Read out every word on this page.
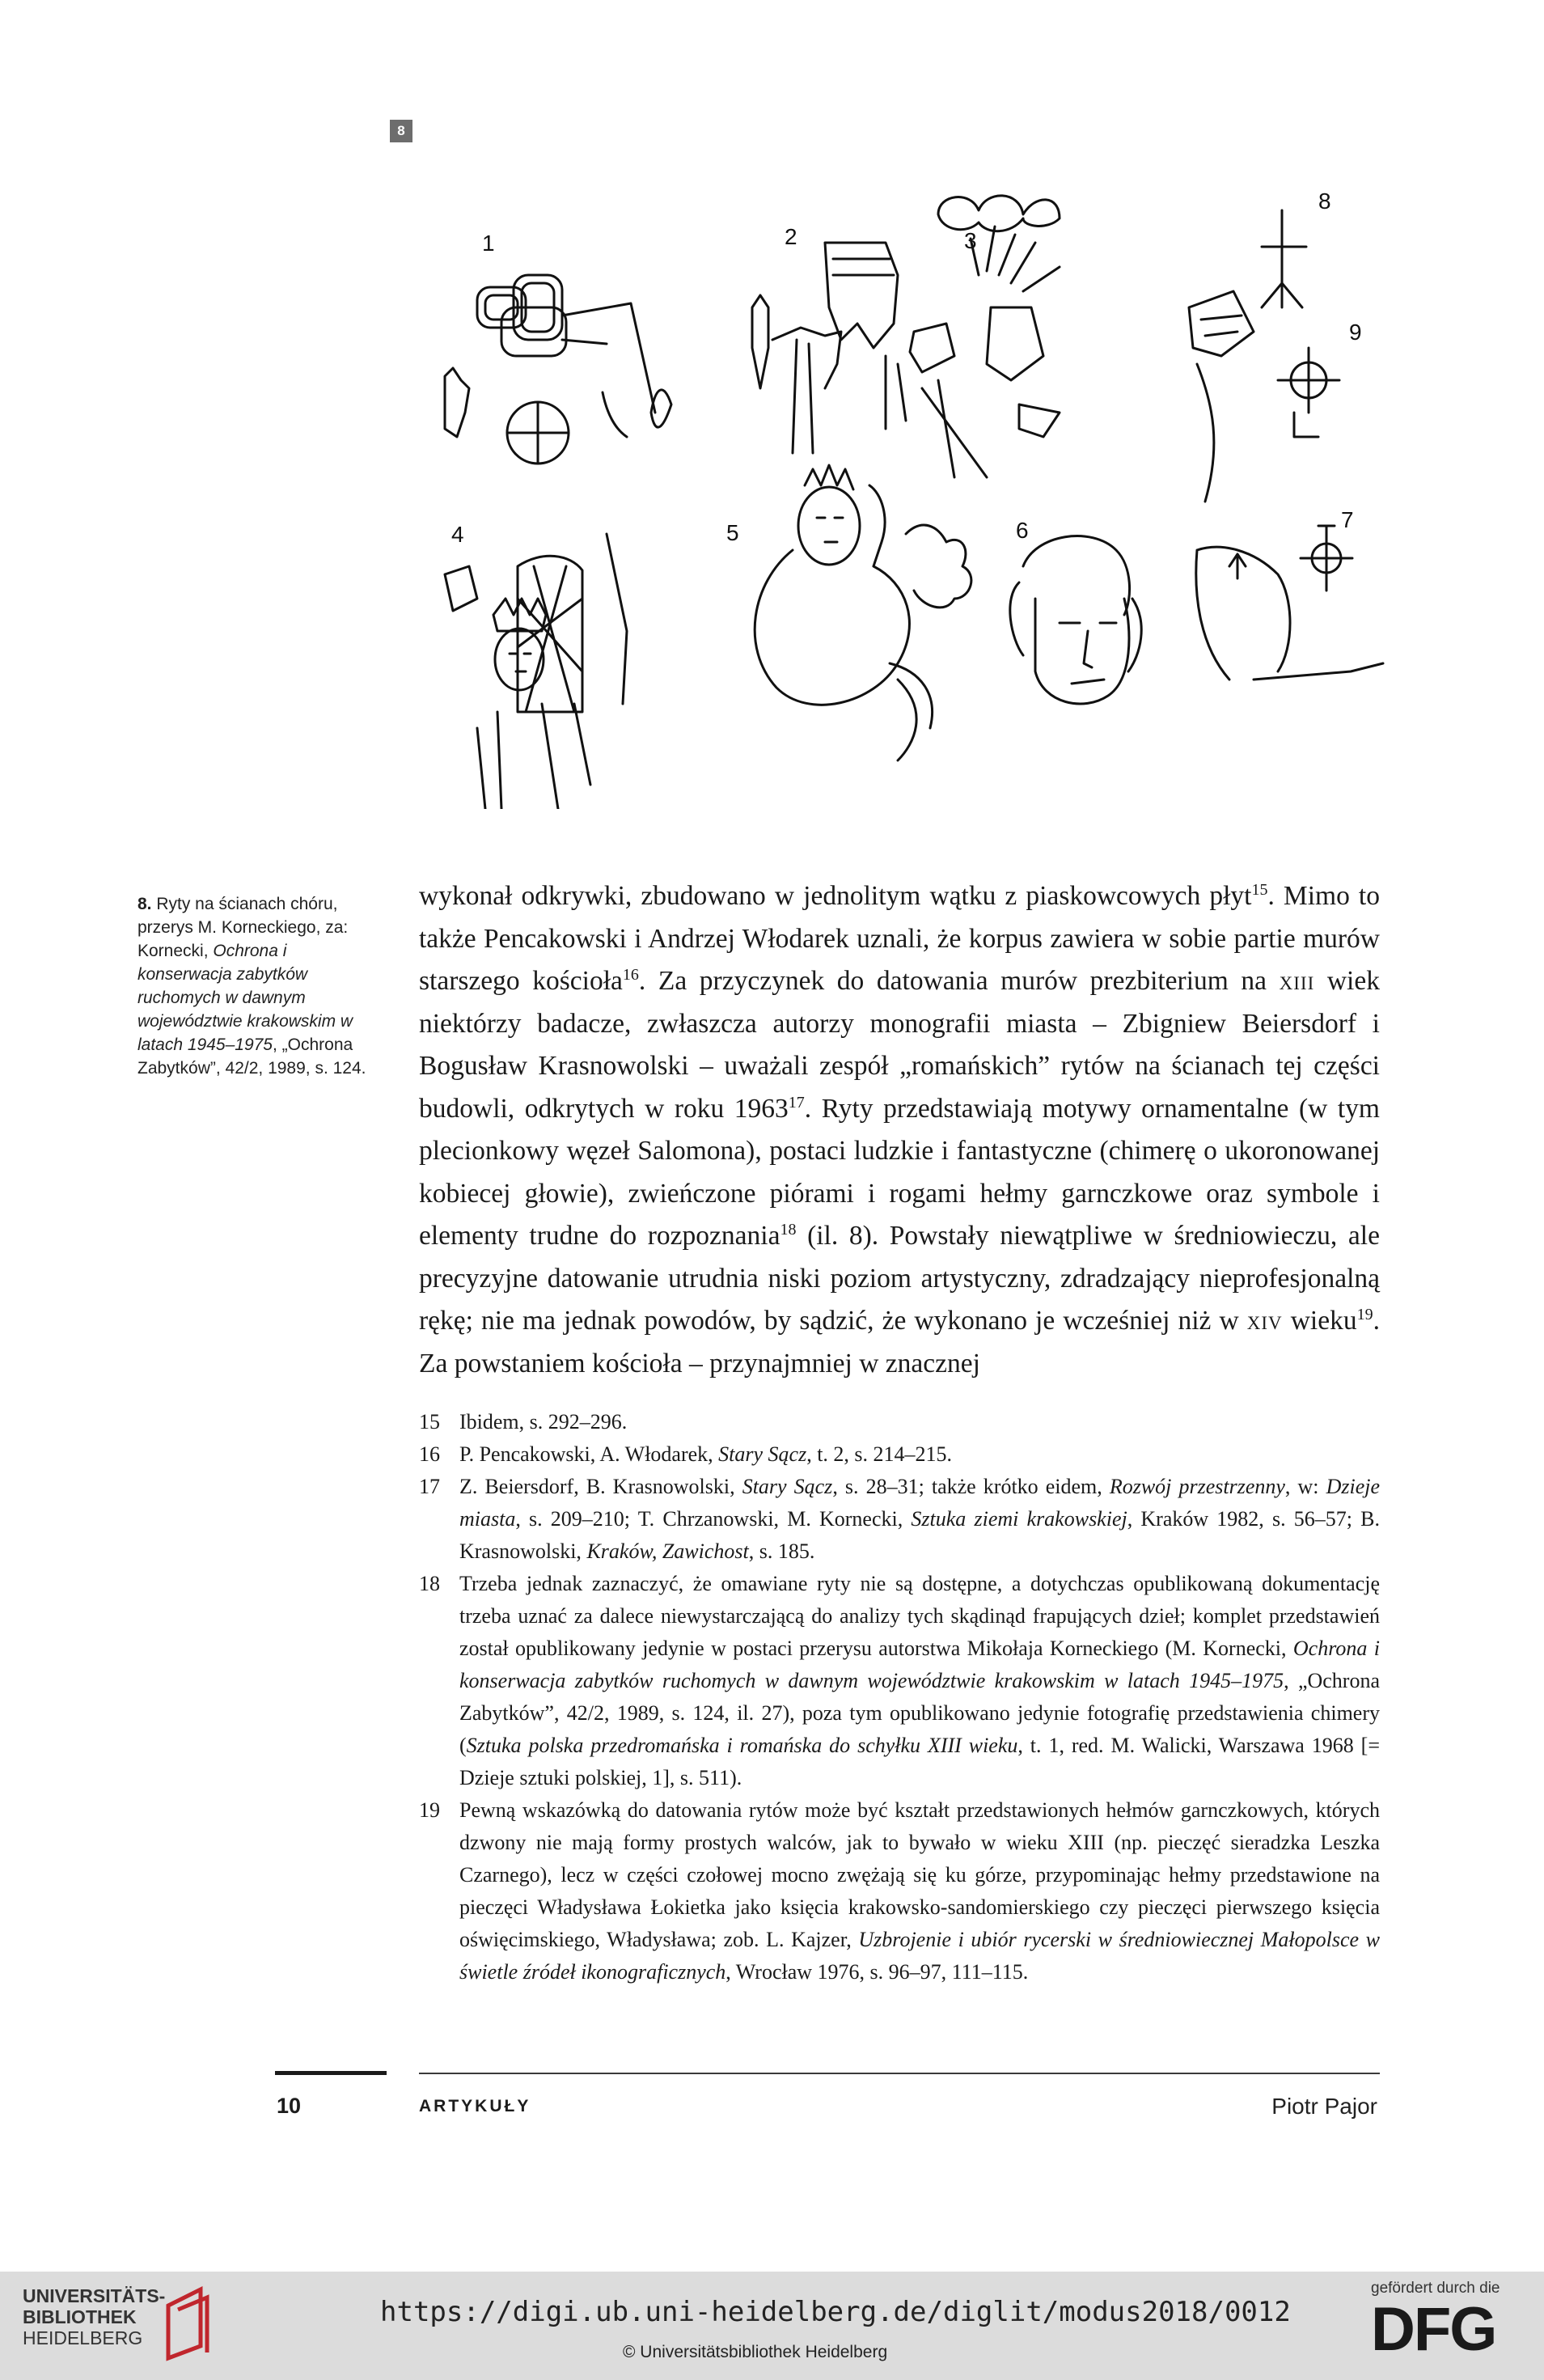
8
1	2	3
8
9
4	5	6	7
8. Ryty na ścianach chóru, przerys M. Korneckiego, za: Kornecki, Ochrona i konserwacja zabytków ruchomych w dawnym województwie krakowskim w latach 1945–1975, „Ochrona Zabytków”, 42/2, 1989, s. 124.
wykonał odkrywki, zbudowano w jednolitym wątku z piaskowcowych płyt$^{15}$. Mimo to także Pencakowski i Andrzej Włodarek uznali, że korpus zawiera w sobie partie murów starszego kościoła$^{16}$. Za przyczynek do datowania murów prezbiterium na xiii wiek niektórzy badacze, zwłaszcza autorzy monografii miasta – Zbigniew Beiersdorf i Bogusław Krasnowolski – uważali zespół „romańskich” rytów na ścianach tej części budowli, odkrytych w roku 1963$^{17}$. Ryty przedstawiają motywy ornamentalne (w tym plecionkowy węzeł Salomona), postaci ludzkie i fantastyczne (chimerę o ukoronowanej kobiecej głowie), zwieńczone piórami i rogami hełmy garnczkowe oraz symbole i elementy trudne do rozpoznania$^{18}$ (il. 8). Powstały niewątpliwe w średniowieczu, ale precyzyjne datowanie utrudnia niski poziom artystyczny, zdradzający nieprofesjonalną rękę; nie ma jednak powodów, by sądzić, że wykonano je wcześniej niż w xiv wieku$^{19}$. Za powstaniem kościoła – przynajmniej w znacznej
15 Ibidem, s. 292–296.
16 P. Pencakowski, A. Włodarek, Stary Sącz, t. 2, s. 214–215.
17 Z. Beiersdorf, B. Krasnowolski, Stary Sącz, s. 28–31; także krótko eidem, Rozwój przestrzenny, w: Dzieje miasta, s. 209–210; T. Chrzanowski, M. Kornecki, Sztuka ziemi krakowskiej, Kraków 1982, s. 56–57; B. Krasnowolski, Kraków, Zawichost, s. 185.
18 Trzeba jednak zaznaczyć, że omawiane ryty nie są dostępne, a dotychczas opublikowaną dokumentację trzeba uznać za dalece niewystarczającą do analizy tych skądinąd frapujących dzieł; komplet przedstawień został opublikowany jedynie w postaci przerysu autorstwa Mikołaja Korneckiego (M. Kornecki, Ochrona i konserwacja zabytków ruchomych w dawnym województwie krakowskim w latach 1945–1975, „Ochrona Zabytków”, 42/2, 1989, s. 124, il. 27), poza tym opublikowano jedynie fotografię przedstawienia chimery (Sztuka polska przedromańska i romańska do schyłku XIII wieku, t. 1, red. M. Walicki, Warszawa 1968 [= Dzieje sztuki polskiej, 1], s. 511).
19 Pewną wskazówką do datowania rytów może być kształt przedstawionych hełmów garnczkowych, których dzwony nie mają formy prostych walców, jak to bywało w wieku XIII (np. pieczęć sieradzka Leszka Czarnego), lecz w części czołowej mocno zwężają się ku górze, przypominając hełmy przedstawione na pieczęci Władysława Łokietka jako księcia krakowsko-sandomierskiego czy pieczęci pierwszego księcia oświęcimskiego, Władysława; zob. L. Kajzer, Uzbrojenie i ubiór rycerski w średniowiecznej Małopolsce w świetle źródeł ikonograficznych, Wrocław 1976, s. 96–97, 111–115.
10	ARTYKUŁY	Piotr Pajor
UNIVERSITÄTS-
BIBLIOTHEK
HEIDELBERG
https://digi.ub.uni-heidelberg.de/diglit/modus2018/0012
© Universitätsbibliothek Heidelberg
gefördert durch die
DFG
